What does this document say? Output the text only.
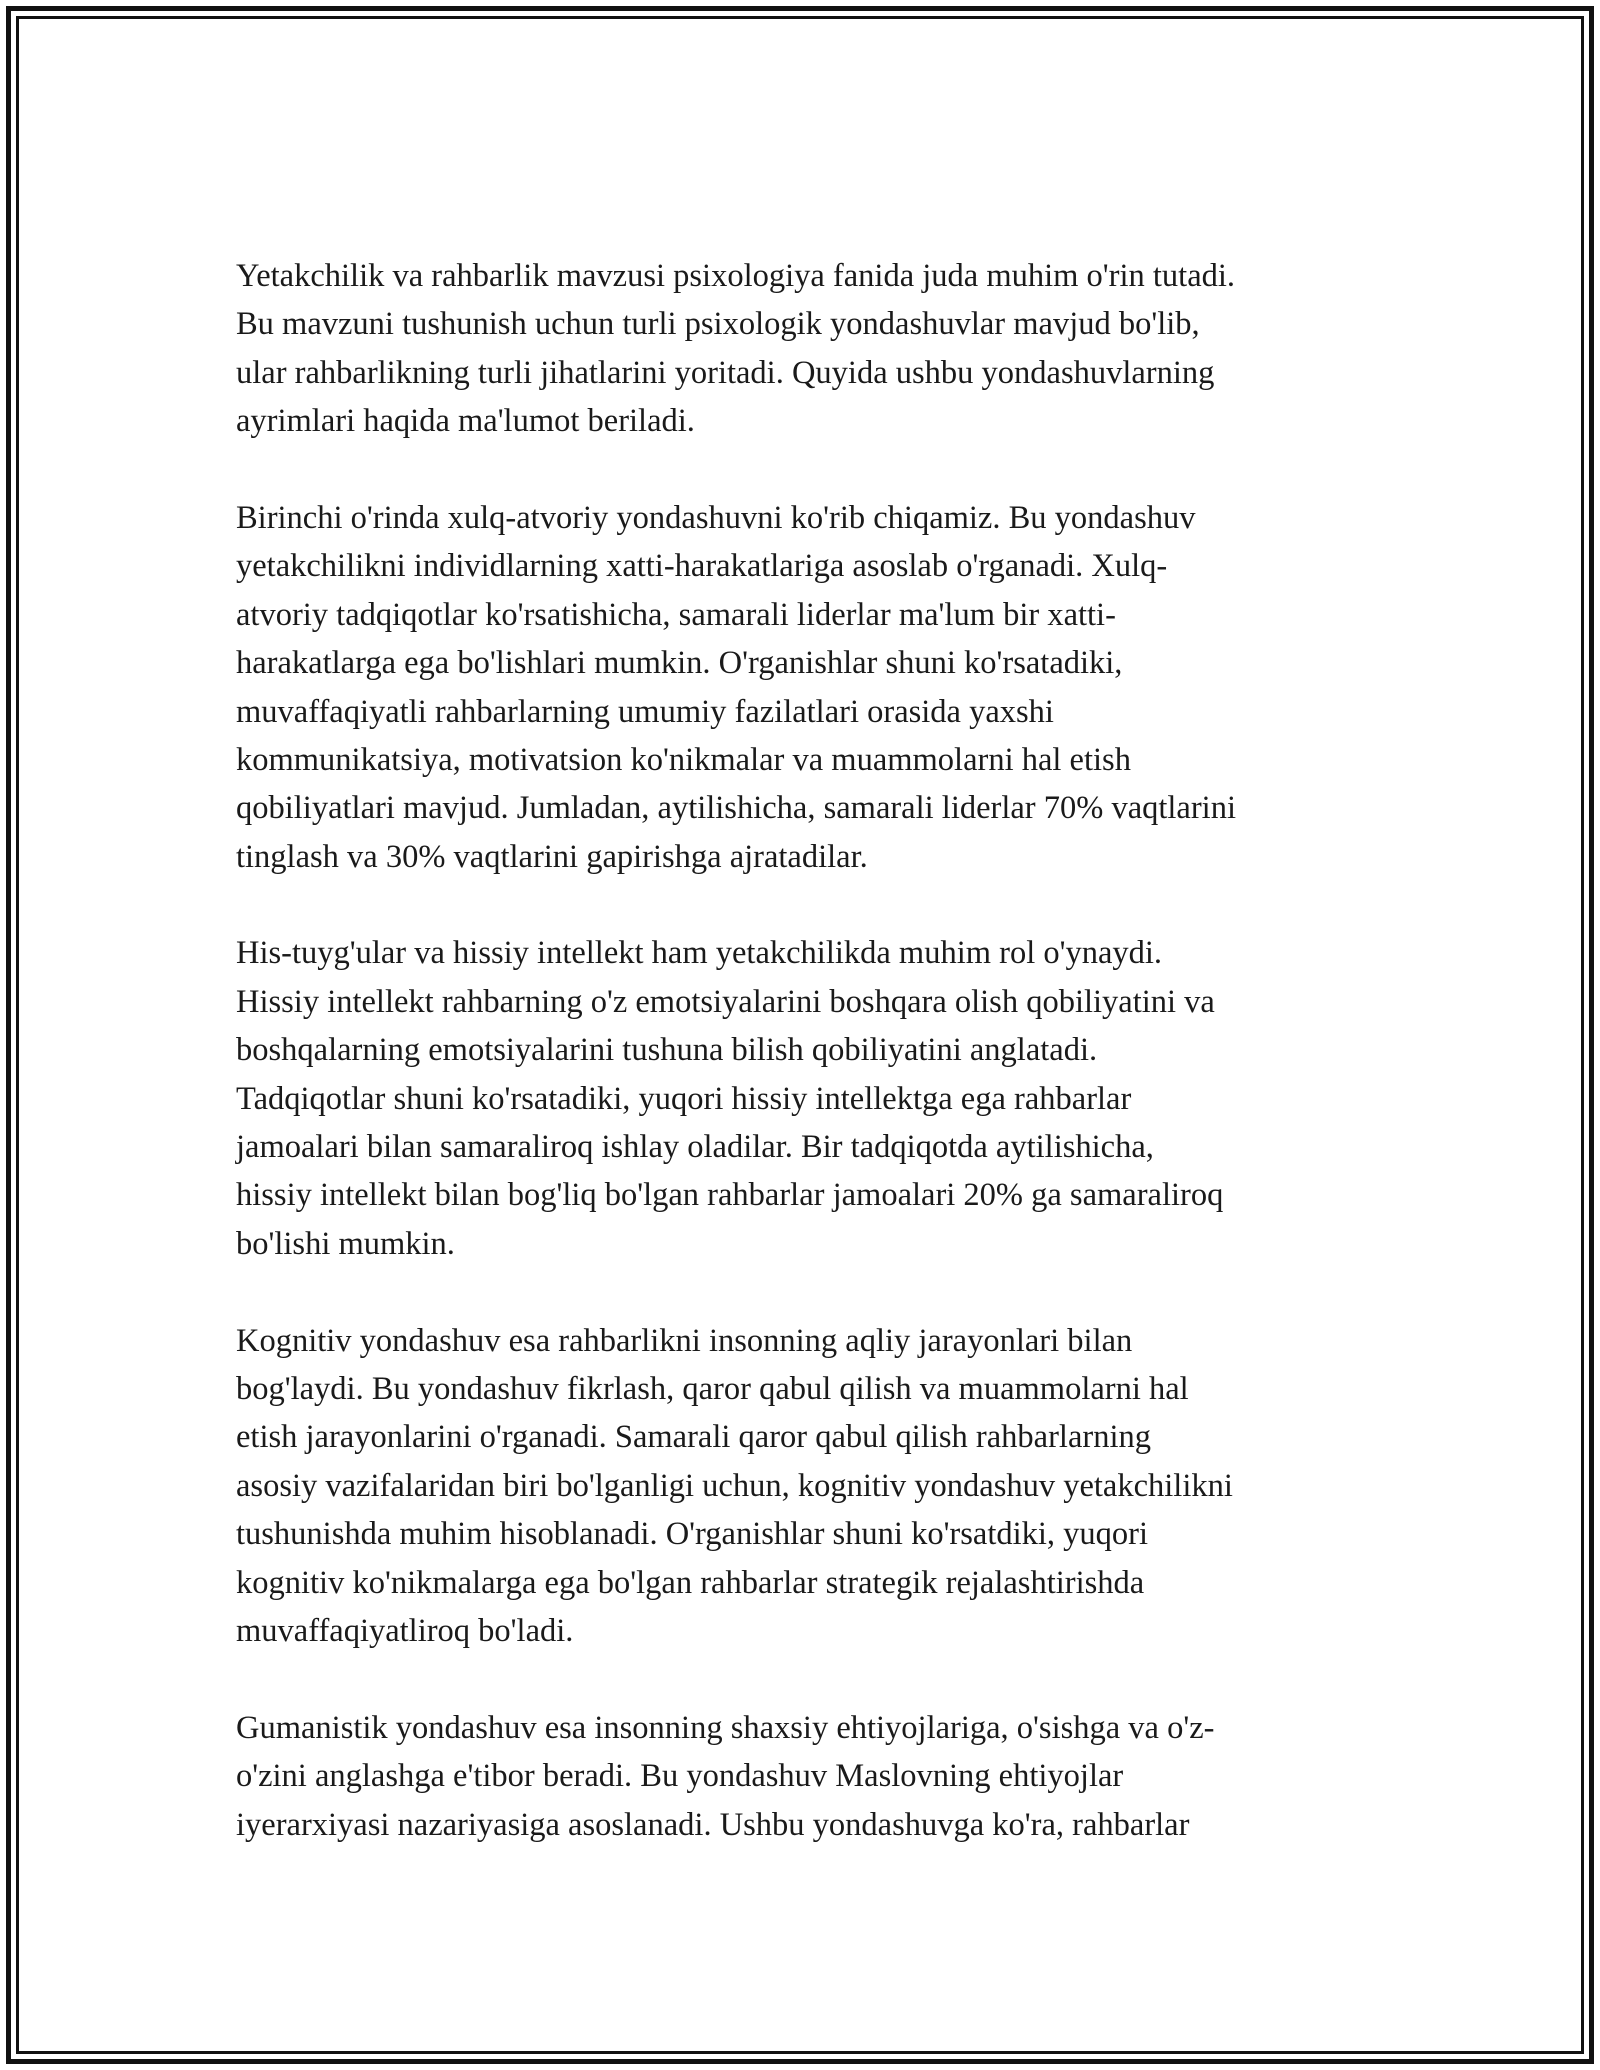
Yetakchilik va rahbarlik mavzusi psixologiya fanida juda muhim o'rin tutadi.
Bu mavzuni tushunish uchun turli psixologik yondashuvlar mavjud bo'lib,
ular rahbarlikning turli jihatlarini yoritadi. Quyida ushbu yondashuvlarning
ayrimlari haqida ma'lumot beriladi.
Birinchi o'rinda xulq-atvoriy yondashuvni ko'rib chiqamiz. Bu yondashuv
yetakchilikni individlarning xatti-harakatlariga asoslab o'rganadi. Xulq-
atvoriy tadqiqotlar ko'rsatishicha, samarali liderlar ma'lum bir xatti-
harakatlarga ega bo'lishlari mumkin. O'rganishlar shuni ko'rsatadiki,
muvaffaqiyatli rahbarlarning umumiy fazilatlari orasida yaxshi
kommunikatsiya, motivatsion ko'nikmalar va muammolarni hal etish
qobiliyatlari mavjud. Jumladan, aytilishicha, samarali liderlar 70% vaqtlarini
tinglash va 30% vaqtlarini gapirishga ajratadilar.
His-tuyg'ular va hissiy intellekt ham yetakchilikda muhim rol o'ynaydi.
Hissiy intellekt rahbarning o'z emotsiyalarini boshqara olish qobiliyatini va
boshqalarning emotsiyalarini tushuna bilish qobiliyatini anglatadi.
Tadqiqotlar shuni ko'rsatadiki, yuqori hissiy intellektga ega rahbarlar
jamoalari bilan samaraliroq ishlay oladilar. Bir tadqiqotda aytilishicha,
hissiy intellekt bilan bog'liq bo'lgan rahbarlar jamoalari 20% ga samaraliroq
bo'lishi mumkin.
Kognitiv yondashuv esa rahbarlikni insonning aqliy jarayonlari bilan
bog'laydi. Bu yondashuv fikrlash, qaror qabul qilish va muammolarni hal
etish jarayonlarini o'rganadi. Samarali qaror qabul qilish rahbarlarning
asosiy vazifalaridan biri bo'lganligi uchun, kognitiv yondashuv yetakchilikni
tushunishda muhim hisoblanadi. O'rganishlar shuni ko'rsatdiki, yuqori
kognitiv ko'nikmalarga ega bo'lgan rahbarlar strategik rejalashtirishda
muvaffaqiyatliroq bo'ladi.
Gumanistik yondashuv esa insonning shaxsiy ehtiyojlariga, o'sishga va o'z-
o'zini anglashga e'tibor beradi. Bu yondashuv Maslovning ehtiyojlar
iyerarxiyasi nazariyasiga asoslanadi. Ushbu yondashuvga ko'ra, rahbarlar
